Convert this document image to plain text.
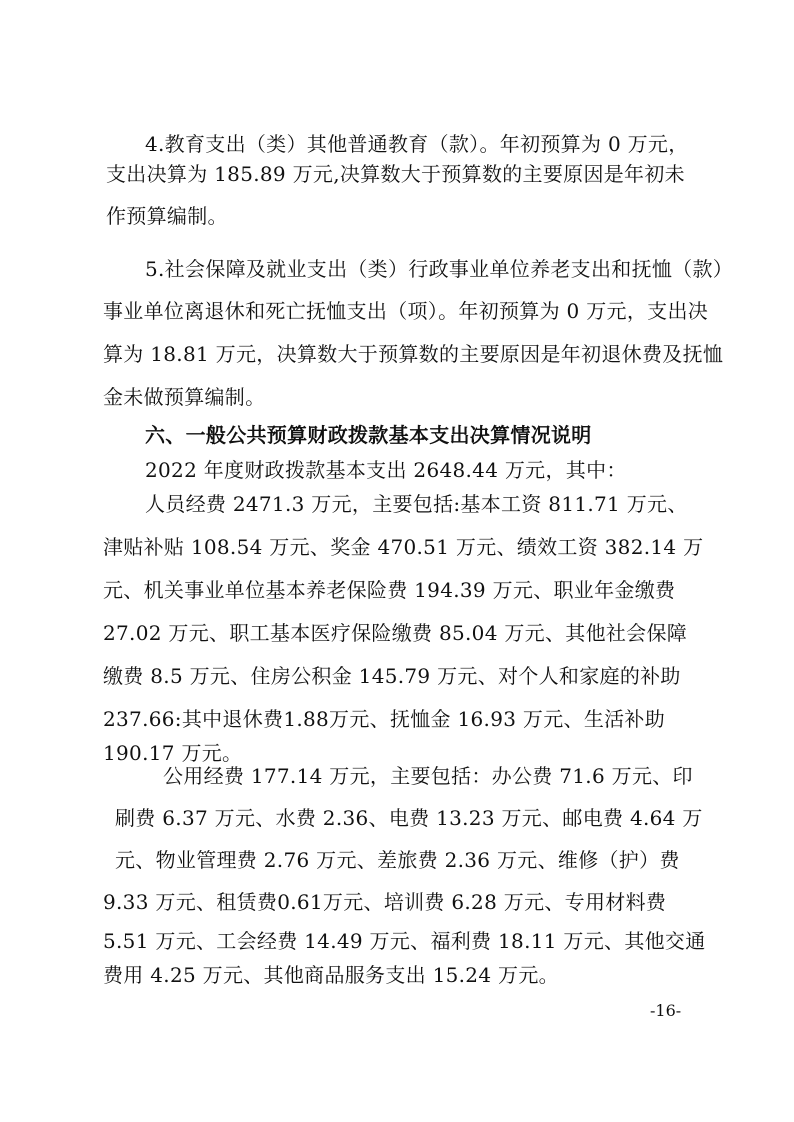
4.教育支出（类）其他普通教育（款）。年初预算为 0 万元，
支出决算为 185.89 万元,决算数大于预算数的主要原因是年初未
作预算编制。
5.社会保障及就业支出（类）行政事业单位养老支出和抚恤（款）
事业单位离退休和死亡抚恤支出（项）。年初预算为 0 万元，支出决
算为 18.81 万元，决算数大于预算数的主要原因是年初退休费及抚恤
金未做预算编制。
六、一般公共预算财政拨款基本支出决算情况说明
2022 年度财政拨款基本支出 2648.44 万元，其中：
人员经费 2471.3 万元，主要包括:基本工资 811.71 万元、
津贴补贴 108.54 万元、奖金 470.51 万元、绩效工资 382.14 万
元、机关事业单位基本养老保险费 194.39 万元、职业年金缴费
27.02 万元、职工基本医疗保险缴费 85.04 万元、其他社会保障
缴费 8.5 万元、住房公积金 145.79 万元、对个人和家庭的补助
237.66:其中退休费1.88万元、抚恤金 16.93 万元、生活补助
190.17 万元。
公用经费 177.14 万元，主要包括：办公费 71.6 万元、印
刷费 6.37 万元、水费 2.36、电费 13.23 万元、邮电费 4.64 万
元、物业管理费 2.76 万元、差旅费 2.36 万元、维修（护）费
9.33 万元、租赁费0.61万元、培训费 6.28 万元、专用材料费
5.51 万元、工会经费 14.49 万元、福利费 18.11 万元、其他交通
费用 4.25 万元、其他商品服务支出 15.24 万元。
-16-
